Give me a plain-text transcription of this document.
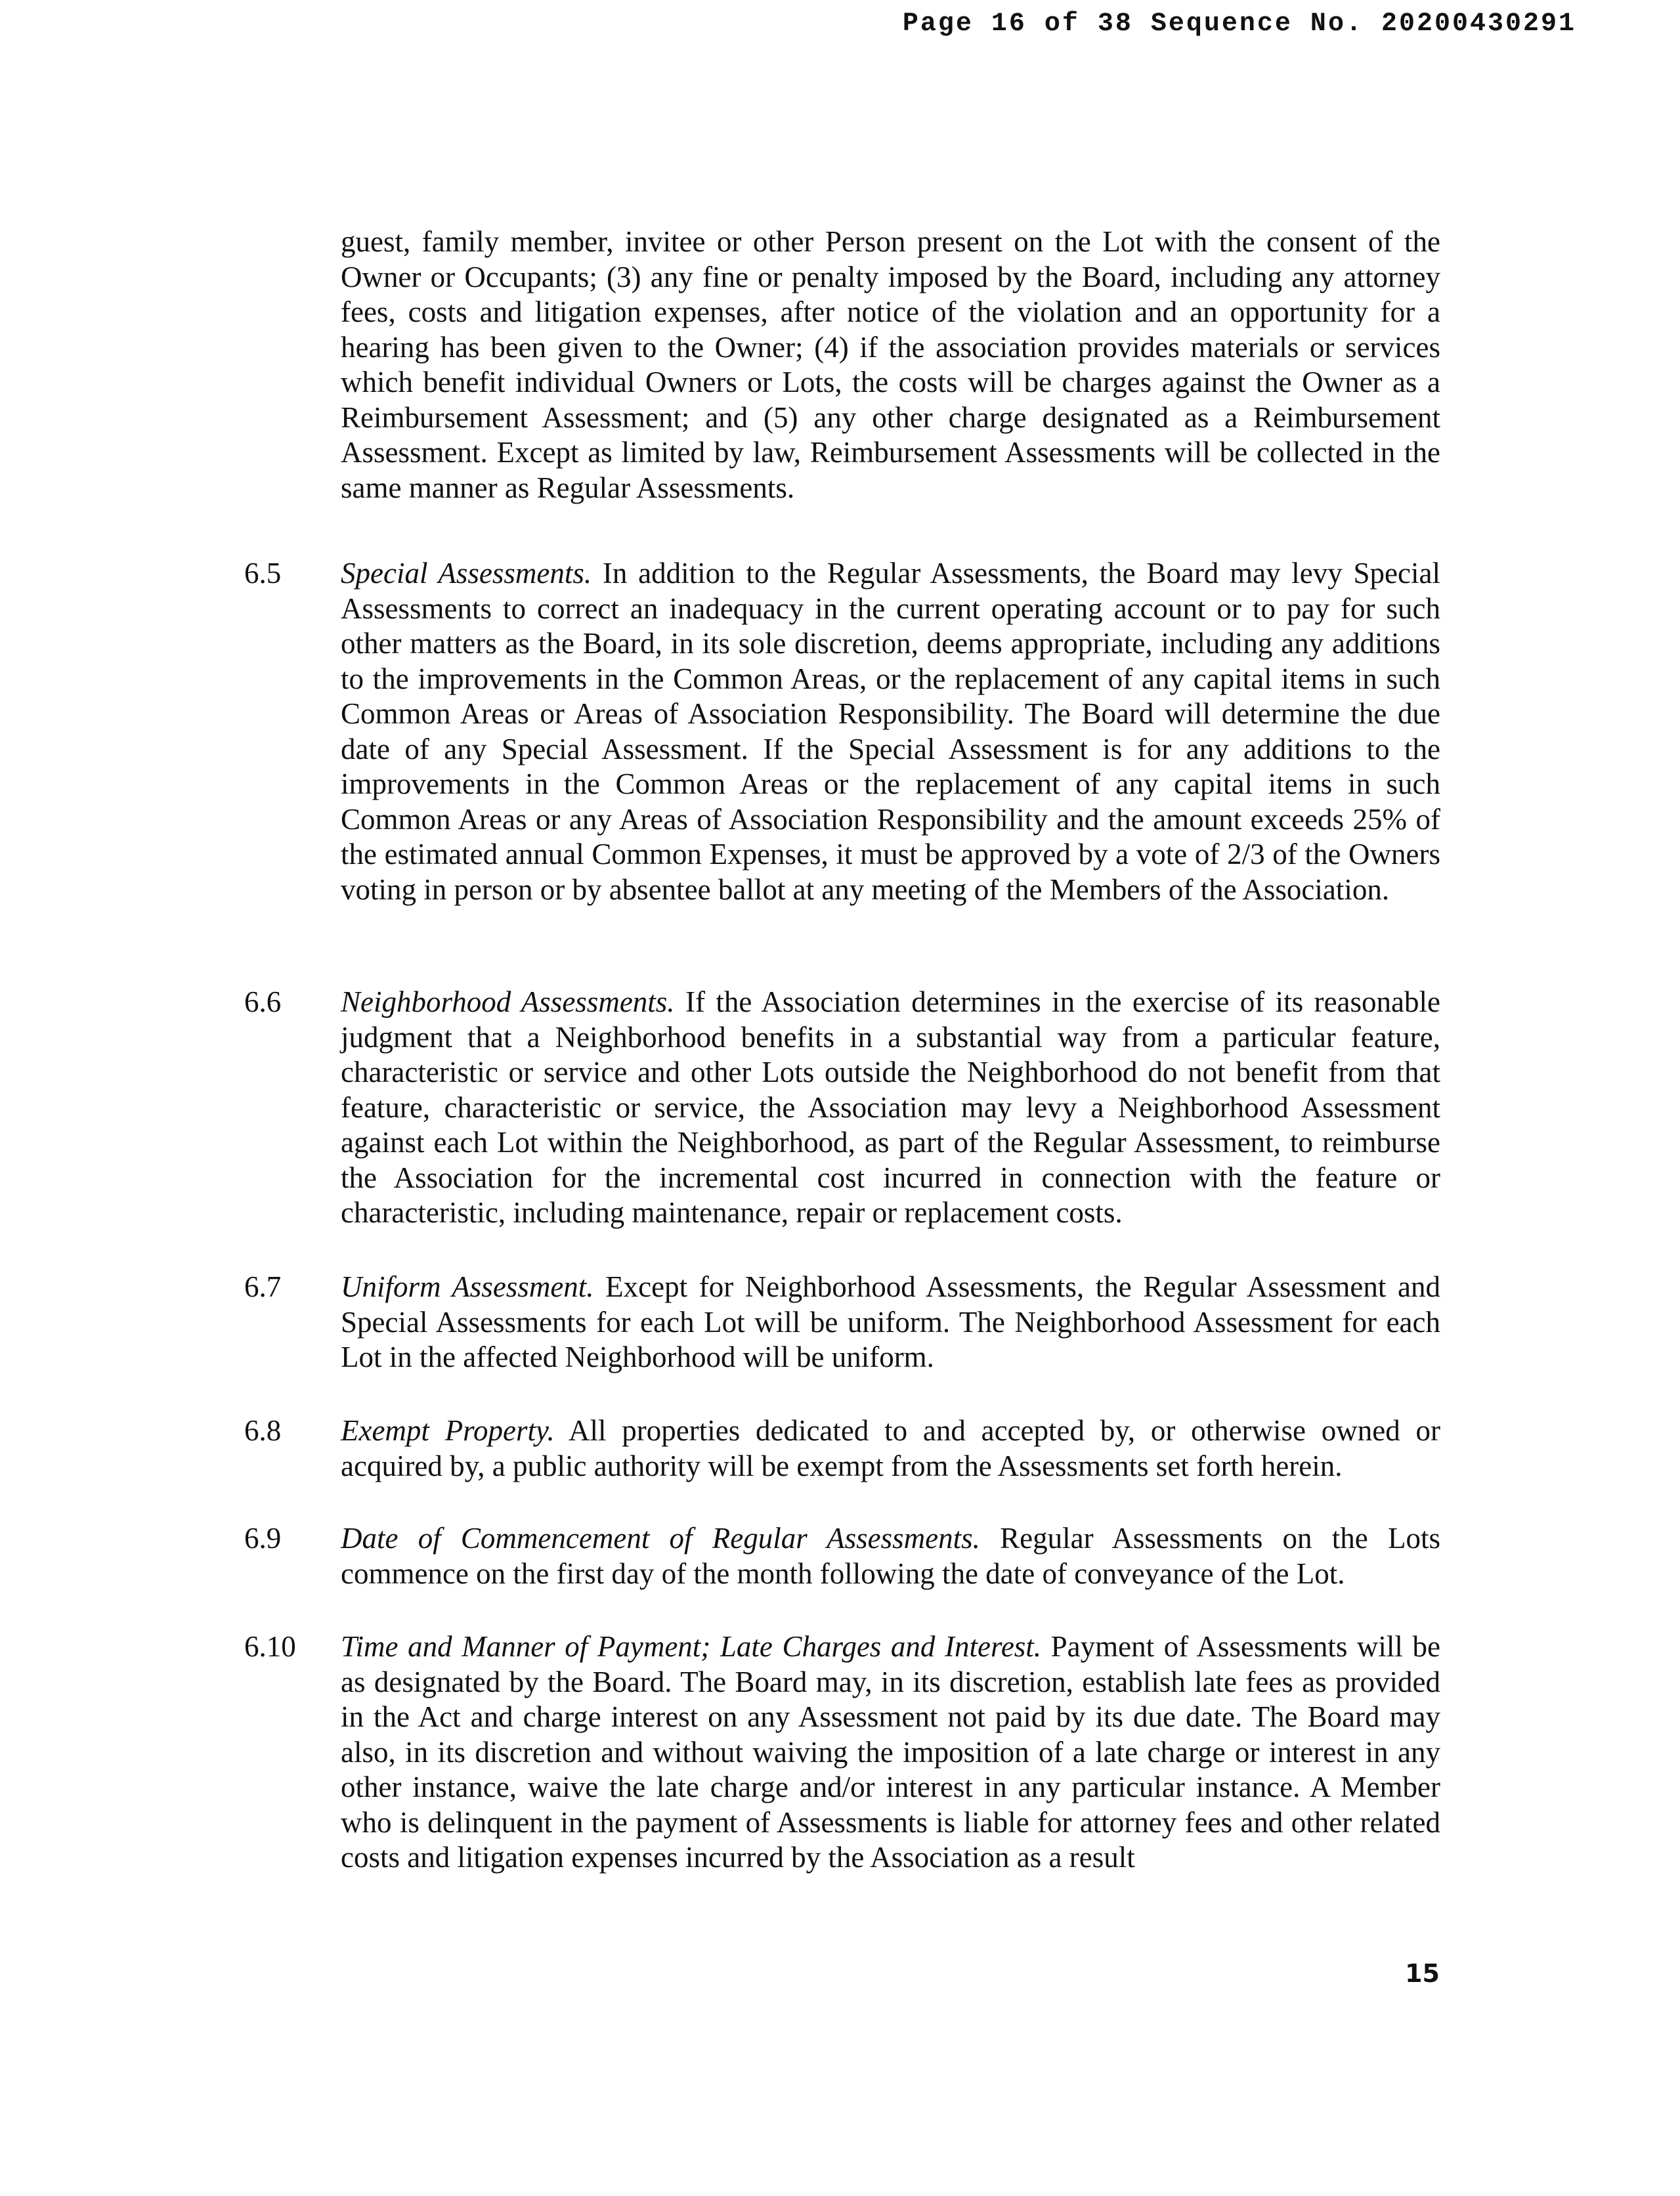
Page 16 of 38 Sequence No. 20200430291

guest, family member, invitee or other Person present on the Lot with the consent of the Owner or Occupants; (3) any fine or penalty imposed by the Board, including any attorney fees, costs and litigation expenses, after notice of the violation and an opportunity for a hearing has been given to the Owner; (4) if the association provides materials or services which benefit individual Owners or Lots, the costs will be charges against the Owner as a Reimbursement Assessment; and (5) any other charge designated as a Reimbursement Assessment. Except as limited by law, Reimbursement Assessments will be collected in the same manner as Regular Assessments.

6.5 Special Assessments. In addition to the Regular Assessments, the Board may levy Special Assessments to correct an inadequacy in the current operating account or to pay for such other matters as the Board, in its sole discretion, deems appropriate, including any additions to the improvements in the Common Areas, or the replacement of any capital items in such Common Areas or Areas of Association Responsibility. The Board will determine the due date of any Special Assessment. If the Special Assessment is for any additions to the improvements in the Common Areas or the replacement of any capital items in such Common Areas or any Areas of Association Responsibility and the amount exceeds 25% of the estimated annual Common Expenses, it must be approved by a vote of 2/3 of the Owners voting in person or by absentee ballot at any meeting of the Members of the Association.

6.6 Neighborhood Assessments. If the Association determines in the exercise of its reasonable judgment that a Neighborhood benefits in a substantial way from a particular feature, characteristic or service and other Lots outside the Neighborhood do not benefit from that feature, characteristic or service, the Association may levy a Neighborhood Assessment against each Lot within the Neighborhood, as part of the Regular Assessment, to reimburse the Association for the incremental cost incurred in connection with the feature or characteristic, including maintenance, repair or replacement costs.

6.7 Uniform Assessment. Except for Neighborhood Assessments, the Regular Assessment and Special Assessments for each Lot will be uniform. The Neighborhood Assessment for each Lot in the affected Neighborhood will be uniform.

6.8 Exempt Property. All properties dedicated to and accepted by, or otherwise owned or acquired by, a public authority will be exempt from the Assessments set forth herein.

6.9 Date of Commencement of Regular Assessments. Regular Assessments on the Lots commence on the first day of the month following the date of conveyance of the Lot.

6.10 Time and Manner of Payment; Late Charges and Interest. Payment of Assessments will be as designated by the Board. The Board may, in its discretion, establish late fees as provided in the Act and charge interest on any Assessment not paid by its due date. The Board may also, in its discretion and without waiving the imposition of a late charge or interest in any other instance, waive the late charge and/or interest in any particular instance. A Member who is delinquent in the payment of Assessments is liable for attorney fees and other related costs and litigation expenses incurred by the Association as a result

15
